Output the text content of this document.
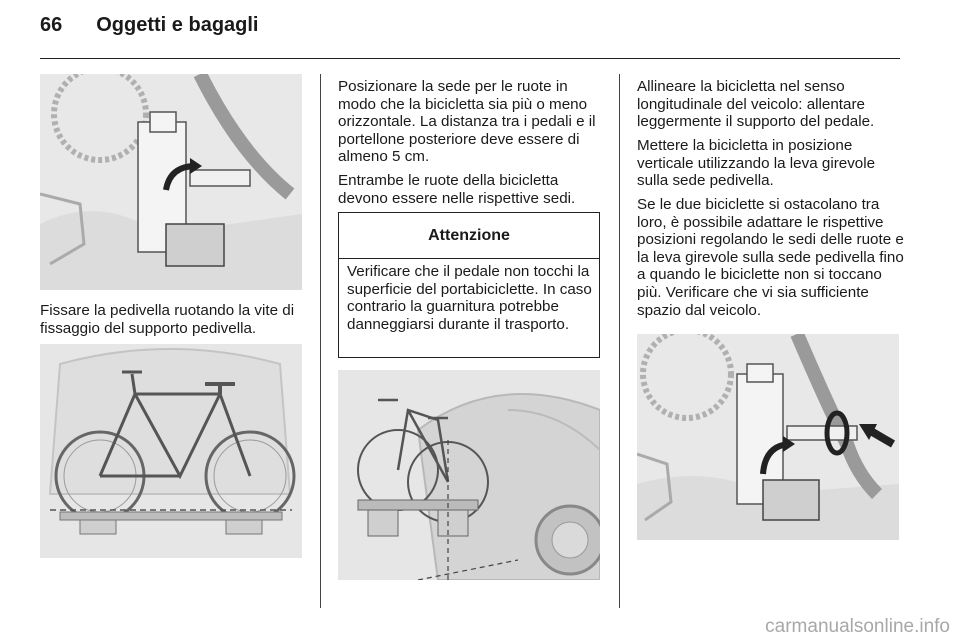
66 Oggetti e bagagli

Fissare la pedivella ruotando la vite di fissaggio del supporto pedivella.

Posizionare la sede per le ruote in modo che la bicicletta sia più o meno orizzontale. La distanza tra i pedali e il portellone posteriore deve essere di almeno 5 cm.

Entrambe le ruote della bicicletta devono essere nelle rispettive sedi.

Attenzione

Verificare che il pedale non tocchi la superficie del portabiciclette. In caso contrario la guarnitura potrebbe danneggiarsi durante il trasporto.

Allineare la bicicletta nel senso longitudinale del veicolo: allentare leggermente il supporto del pedale.

Mettere la bicicletta in posizione verticale utilizzando la leva girevole sulla sede pedivella.

Se le due biciclette si ostacolano tra loro, è possibile adattare le rispettive posizioni regolando le sedi delle ruote e la leva girevole sulla sede pedivella fino a quando le biciclette non si toccano più. Verificare che vi sia sufficiente spazio dal veicolo.

carmanualsonline.info
